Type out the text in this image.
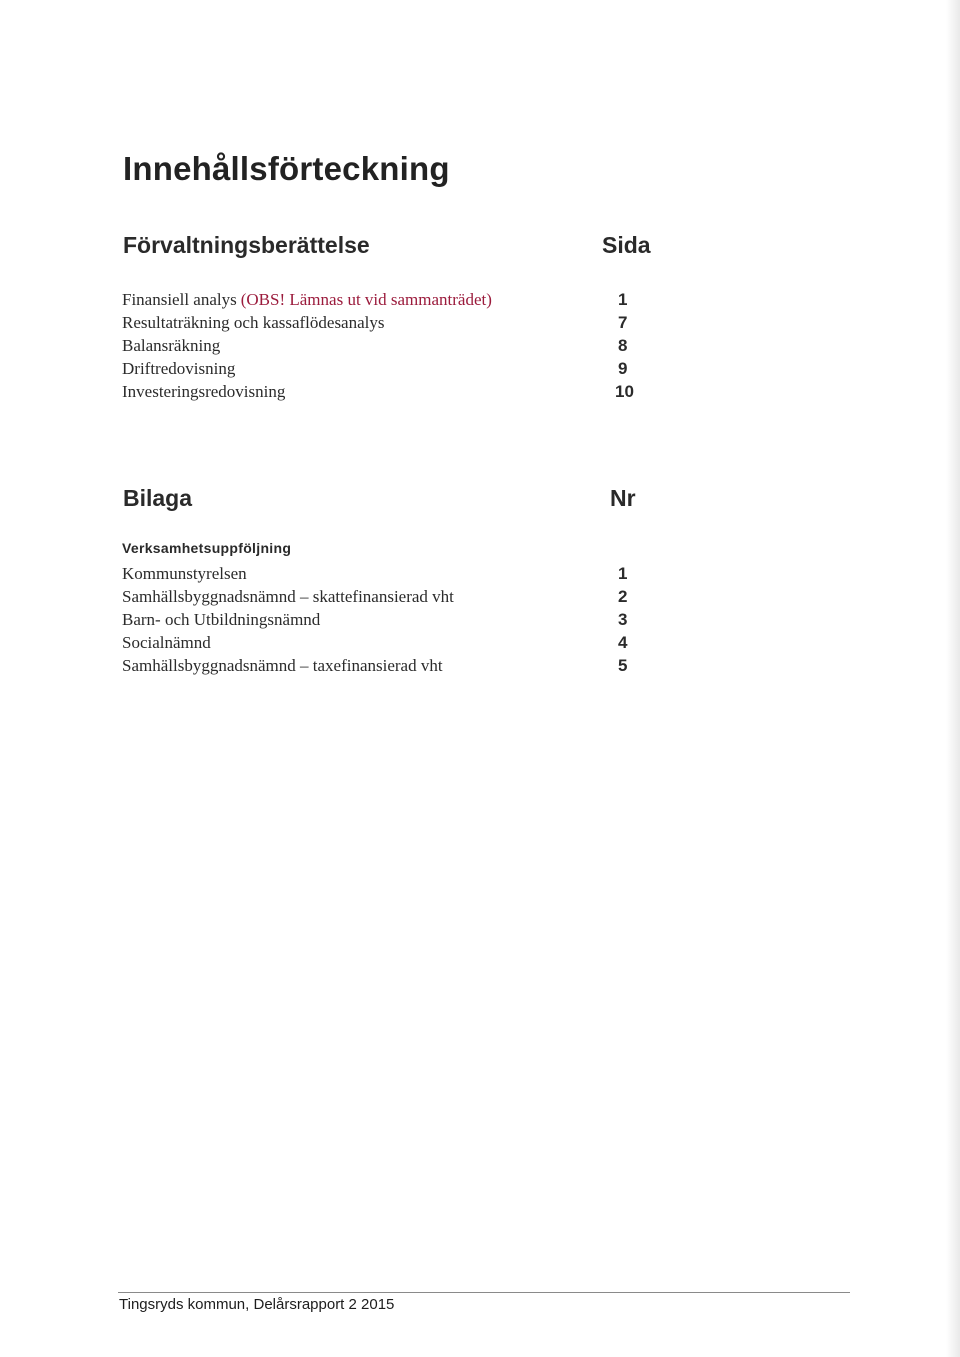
Innehållsförteckning
Förvaltningsberättelse	Sida
Finansiell analys (OBS! Lämnas ut vid sammanträdet)	1
Resultaträkning och kassaflödesanalys	7
Balansräkning	8
Driftredovisning	9
Investeringsredovisning	10
Bilaga	Nr
Verksamhetsuppföljning
Kommunstyrelsen	1
Samhällsbyggnadsnämnd – skattefinansierad vht	2
Barn- och Utbildningsnämnd	3
Socialnämnd	4
Samhällsbyggnadsnämnd – taxefinansierad vht	5
Tingsryds kommun, Delårsrapport 2 2015
